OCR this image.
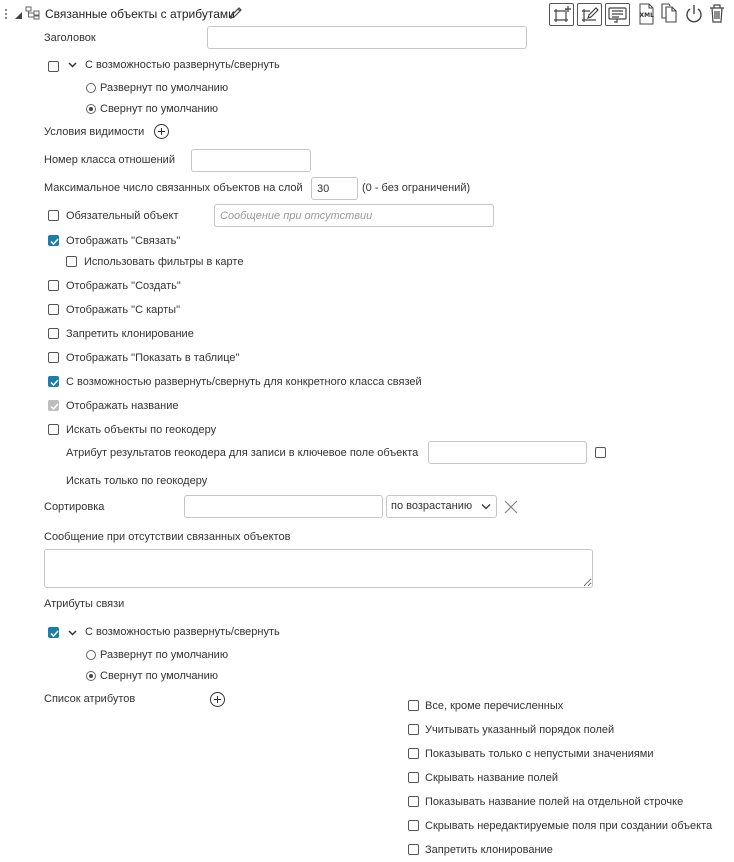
Связанные объекты с атрибутами	XML
Заголовок
С возможностью развернуть/свернуть
Развернут по умолчанию
Свернут по умолчанию
Условия видимости
Номер класса отношений
Максимальное число связанных объектов на слой
30	(0 - без ограничений)
Обязательный объект
Сообщение при отсутствии
Отображать "Связать"
Использовать фильтры в карте
Отображать "Создать"
Отображать "С карты"
Запретить клонирование
Отображать "Показать в таблице"
С возможностью развернуть/свернуть для конкретного класса связей
Отображать название
Искать объекты по геокодеру
Атрибут результатов геокодера для записи в ключевое поле объекта
Искать только по геокодеру
Сортировка	по возрастанию
Сообщение при отсутствии связанных объектов
Атрибуты связи
С возможностью развернуть/свернуть
Развернут по умолчанию
Свернут по умолчанию
Список атрибутов
Все, кроме перечисленных
Учитывать указанный порядок полей
Показывать только с непустыми значениями
Скрывать название полей
Показывать название полей на отдельной строчке
Скрывать нередактируемые поля при создании объекта
Запретить клонирование
